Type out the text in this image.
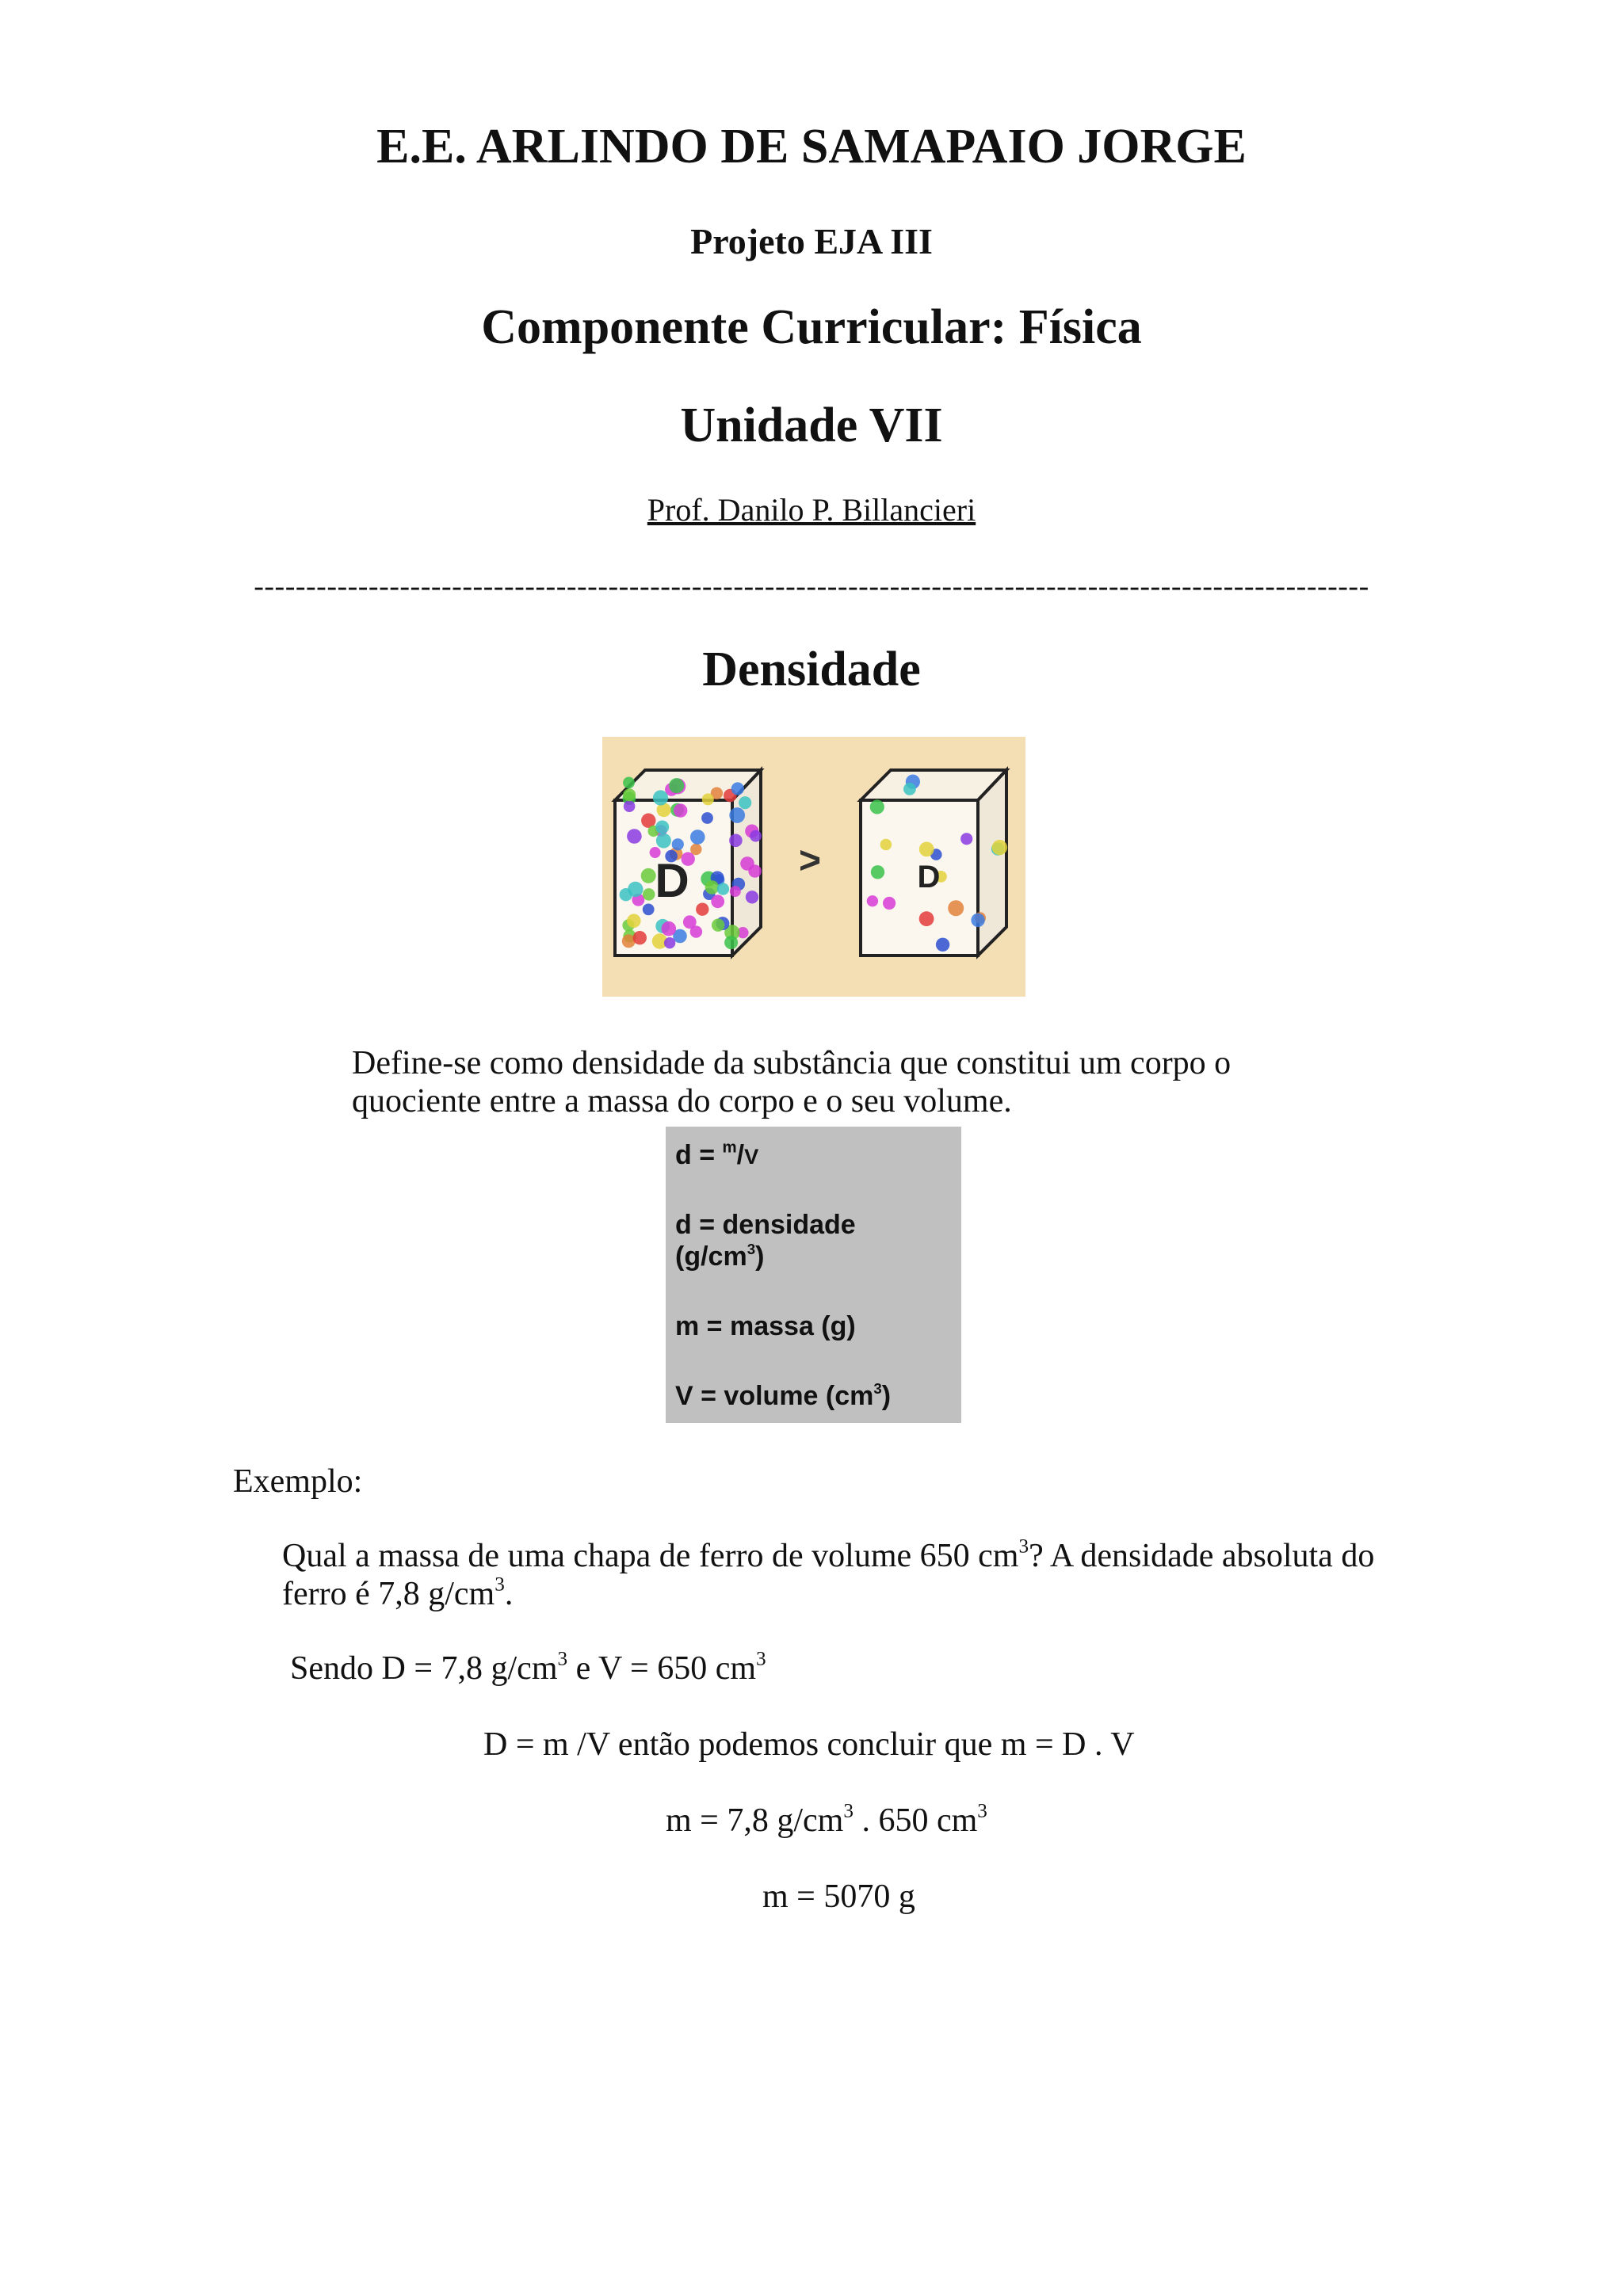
E.E. ARLINDO DE SAMAPAIO JORGE
Projeto EJA III
Componente Curricular: Física
Unidade VII
Prof. Danilo P. Billancieri
-----------------------------------------------------------------------------------------------------------
Densidade
D	>	D
Define-se como densidade da substância que constitui um corpo o
quociente entre a massa do corpo e o seu volume.
d = $^m$/V
d = densidade
$(g/cm^3)$
m = massa (g)
V = volume $(cm^3)$
Exemplo:
Qual a massa de uma chapa de ferro de volume 650 $cm^3$? A densidade absoluta do
ferro é 7,8 $g/cm^3$.
Sendo D = 7,8 $g/cm^3$ e V = 650 $cm^3$
D = m /V então podemos concluir que m = D . V
m = 7,8 $g/cm^3$ . 650 $cm^3$
m = 5070 g
